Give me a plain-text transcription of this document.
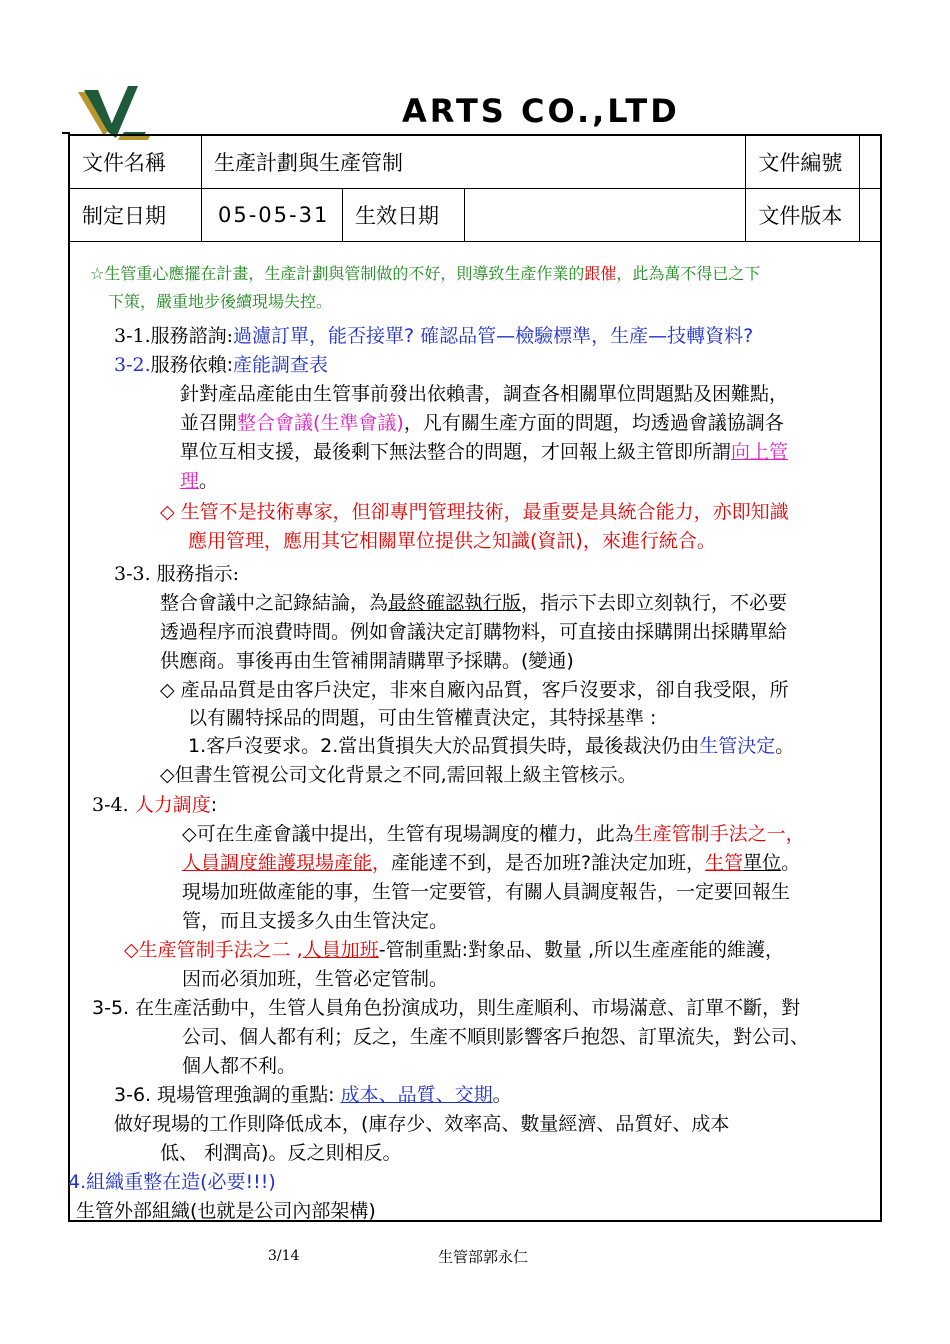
ARTS CO.,LTD
文件名稱	生產計劃與生產管制			文件編號	
制定日期	05-05-31	生效日期		文件版本	
☆生管重心應擺在計畫，生產計劃與管制做的不好，則導致生產作業的跟催，此為萬不得已之下
下策，嚴重地步後續現場失控。
3-1.服務諮詢:過濾訂單，能否接單? 確認品管—檢驗標準，生產—技轉資料?
3-2.服務依賴:產能調查表
針對產品產能由生管事前發出依賴書，調查各相關單位問題點及困難點，
並召開整合會議(生準會議)，凡有關生產方面的問題，均透過會議協調各
單位互相支援，最後剩下無法整合的問題，才回報上級主管即所謂向上管
理。
◇ 生管不是技術專家，但卻專門管理技術，最重要是具統合能力，亦即知識
應用管理，應用其它相關單位提供之知識(資訊)，來進行統合。
3-3. 服務指示:
整合會議中之記錄結論，為最終確認執行版，指示下去即立刻執行，不必要
透過程序而浪費時間。例如會議決定訂購物料，可直接由採購開出採購單給
供應商。事後再由生管補開請購單予採購。(變通)
◇ 產品品質是由客戶決定，非來自廠內品質，客戶沒要求，卻自我受限，所
以有關特採品的問題，可由生管權責決定，其特採基準 :
1.客戶沒要求。2.當出貨損失大於品質損失時，最後裁決仍由生管決定。
◇但書生管視公司文化背景之不同,需回報上級主管核示。
3-4. 人力調度:
◇可在生產會議中提出，生管有現場調度的權力，此為生產管制手法之一，
人員調度維護現場產能，產能達不到，是否加班?誰決定加班，生管單位。
現場加班做產能的事，生管一定要管，有關人員調度報告，一定要回報生
管，而且支援多久由生管決定。
◇生產管制手法之二 ,人員加班-管制重點:對象品、數量 ,所以生產產能的維護，
因而必須加班，生管必定管制。
3-5. 在生產活動中，生管人員角色扮演成功，則生產順利、市場滿意、訂單不斷，對
公司、個人都有利；反之，生產不順則影響客戶抱怨、訂單流失，對公司、
個人都不利。
3-6. 現場管理強調的重點: 成本、品質、交期。
做好現場的工作則降低成本，(庫存少、效率高、數量經濟、品質好、成本
低、 利潤高)。反之則相反。
4.組織重整在造(必要!!!)
生管外部組織(也就是公司內部架構)
3/14	生管部郭永仁
